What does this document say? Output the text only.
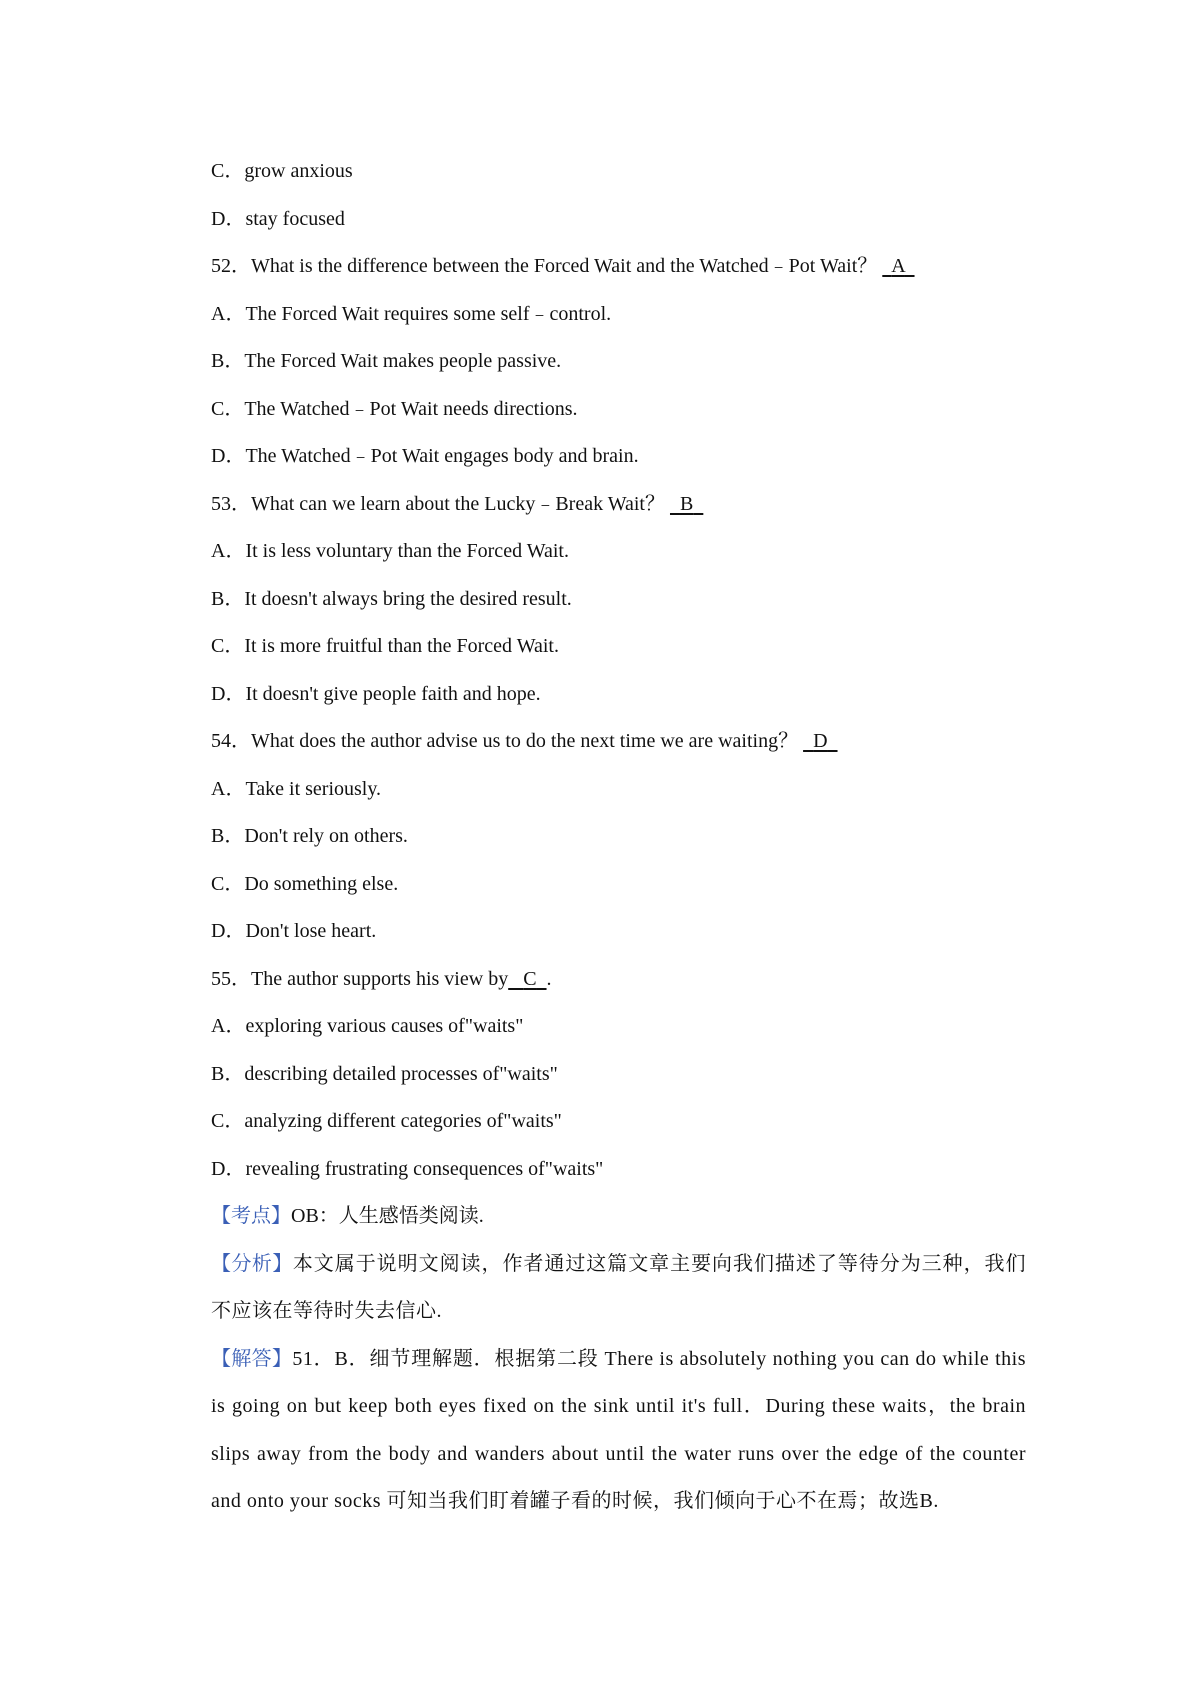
C．grow anxious
D．stay focused
52．What is the difference between the Forced Wait and the Watched﹣Pot Wait？ A
A．The Forced Wait requires some self﹣control.
B．The Forced Wait makes people passive.
C．The Watched﹣Pot Wait needs directions.
D．The Watched﹣Pot Wait engages body and brain.
53．What can we learn about the Lucky﹣Break Wait？ B
A．It is less voluntary than the Forced Wait.
B．It doesn't always bring the desired result.
C．It is more fruitful than the Forced Wait.
D．It doesn't give people faith and hope.
54．What does the author advise us to do the next time we are waiting？ D
A．Take it seriously.
B．Don't rely on others.
C．Do something else.
D．Don't lose heart.
55．The author supports his view by C .
A．exploring various causes of"waits"
B．describing detailed processes of"waits"
C．analyzing different categories of"waits"
D．revealing frustrating consequences of"waits"
【考点】OB：人生感悟类阅读.
【分析】本文属于说明文阅读，作者通过这篇文章主要向我们描述了等待分为三种，我们不应该在等待时失去信心.
【解答】51．B．细节理解题．根据第二段 There is absolutely nothing you can do while this is going on but keep both eyes fixed on the sink until it's full．During these waits，the brain slips away from the body and wanders about until the water runs over the edge of the counter and onto your socks 可知当我们盯着罐子看的时候，我们倾向于心不在焉；故选B.
